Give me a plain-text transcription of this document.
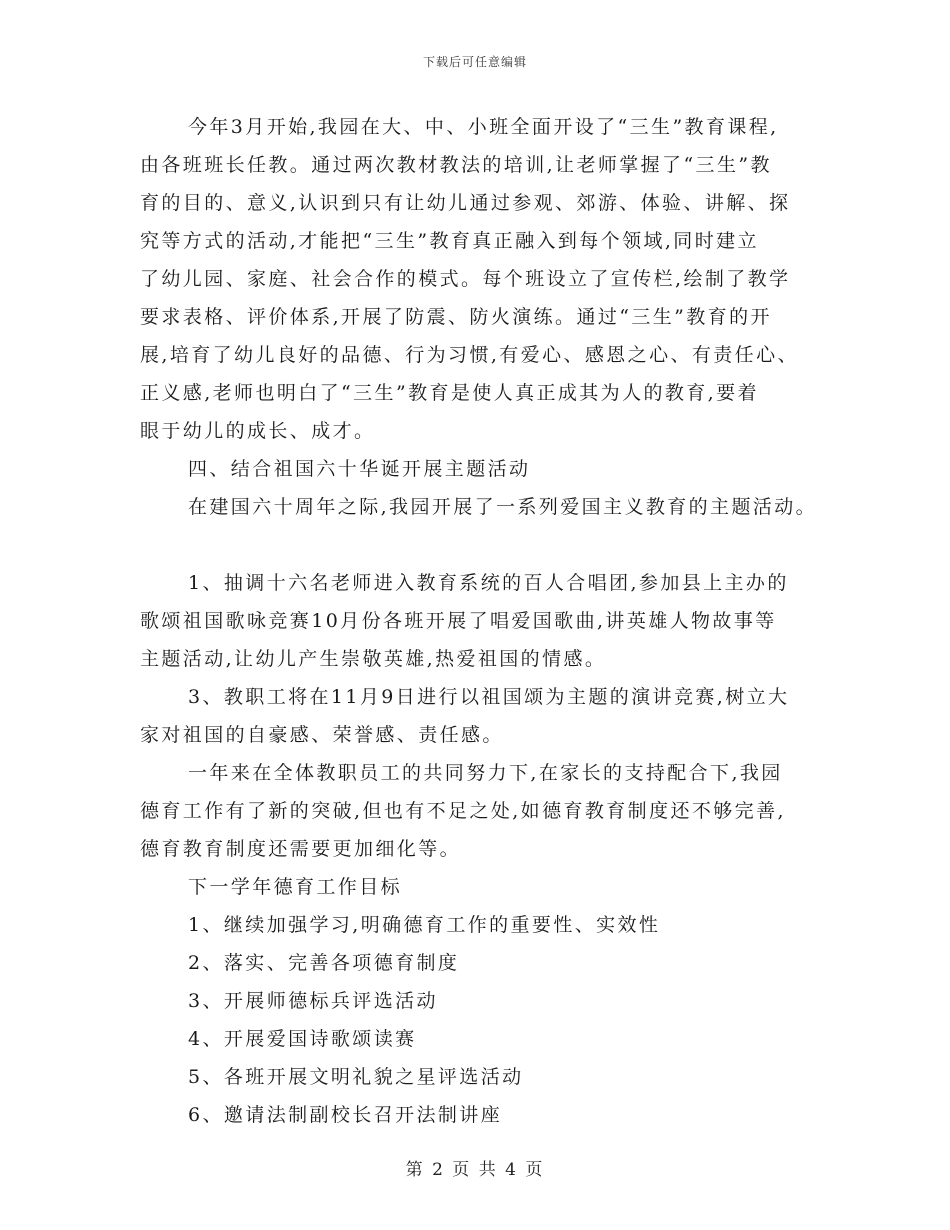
下载后可任意编辑
今年3月开始,我园在大、中、小班全面开设了“三生”教育课程,
由各班班长任教。通过两次教材教法的培训,让老师掌握了“三生”教
育的目的、意义,认识到只有让幼儿通过参观、郊游、体验、讲解、探
究等方式的活动,才能把“三生”教育真正融入到每个领域,同时建立
了幼儿园、家庭、社会合作的模式。每个班设立了宣传栏,绘制了教学
要求表格、评价体系,开展了防震、防火演练。通过“三生”教育的开
展,培育了幼儿良好的品德、行为习惯,有爱心、感恩之心、有责任心、
正义感,老师也明白了“三生”教育是使人真正成其为人的教育,要着
眼于幼儿的成长、成才。
四、结合祖国六十华诞开展主题活动
在建国六十周年之际,我园开展了一系列爱国主义教育的主题活动。
1、抽调十六名老师进入教育系统的百人合唱团,参加县上主办的
歌颂祖国歌咏竞赛10月份各班开展了唱爱国歌曲,讲英雄人物故事等
主题活动,让幼儿产生崇敬英雄,热爱祖国的情感。
3、教职工将在11月9日进行以祖国颂为主题的演讲竞赛,树立大
家对祖国的自豪感、荣誉感、责任感。
一年来在全体教职员工的共同努力下,在家长的支持配合下,我园
德育工作有了新的突破,但也有不足之处,如德育教育制度还不够完善,
德育教育制度还需要更加细化等。
下一学年德育工作目标
1、继续加强学习,明确德育工作的重要性、实效性
2、落实、完善各项德育制度
3、开展师德标兵评选活动
4、开展爱国诗歌颂读赛
5、各班开展文明礼貌之星评选活动
6、邀请法制副校长召开法制讲座
第 2 页 共 4 页
